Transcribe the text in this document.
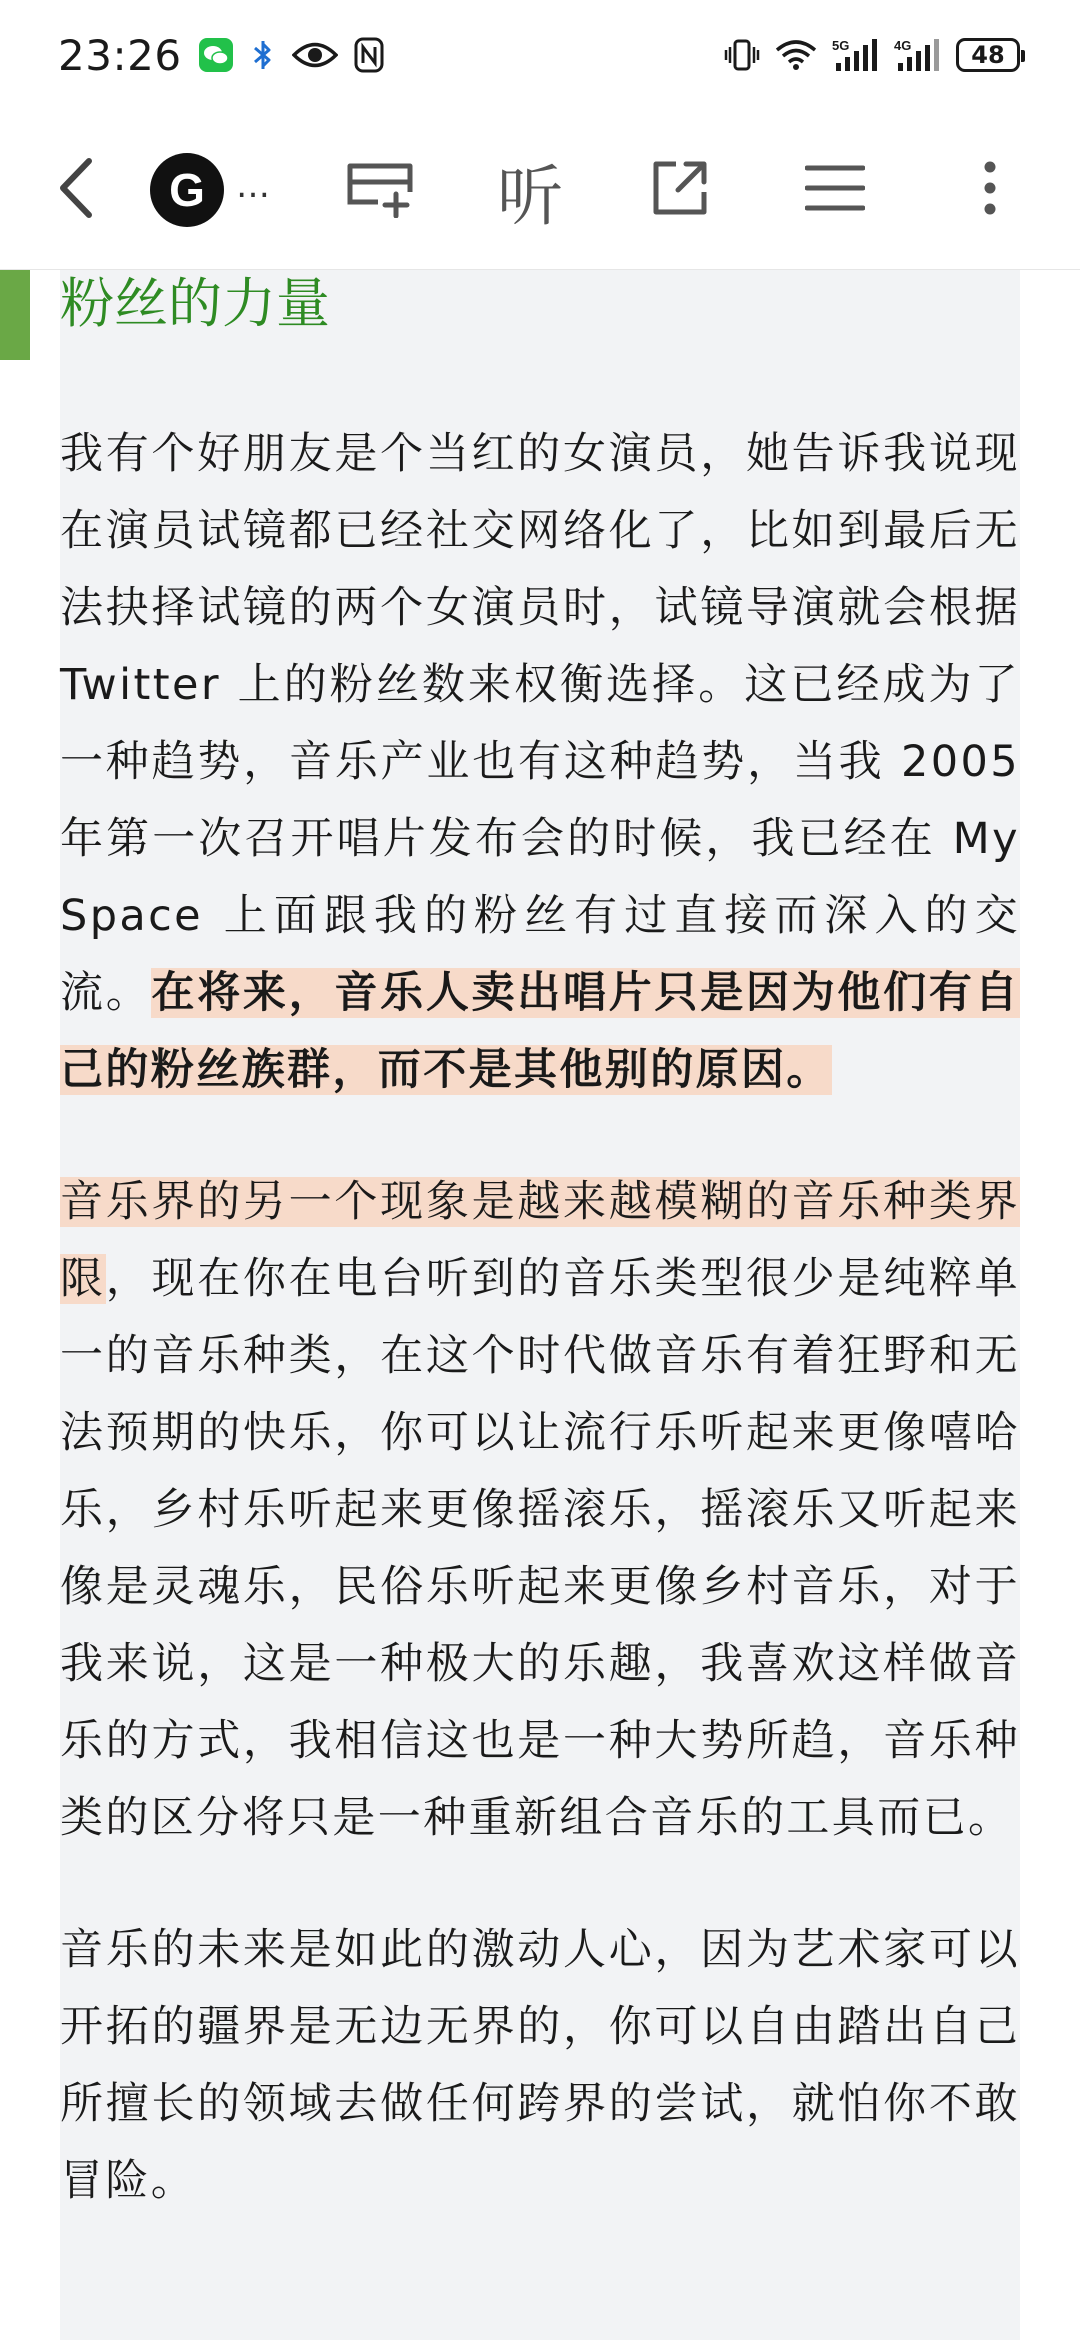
23:26	5G	4G 48
G …	听
粉丝的力量

我有个好朋友是个当红的女演员，她告诉我说现在演员试镜都已经社交网络化了，比如到最后无法抉择试镜的两个女演员时，试镜导演就会根据 Twitter 上的粉丝数来权衡选择。这已经成为了一种趋势，音乐产业也有这种趋势，当我 2005 年第一次召开唱片发布会的时候，我已经在 MySpace 上面跟我的粉丝有过直接而深入的交流。在将来，音乐人卖出唱片只是因为他们有自己的粉丝族群，而不是其他别的原因。

音乐界的另一个现象是越来越模糊的音乐种类界限，现在你在电台听到的音乐类型很少是纯粹单一的音乐种类，在这个时代做音乐有着狂野和无法预期的快乐，你可以让流行乐听起来更像嘻哈乐，乡村乐听起来更像摇滚乐，摇滚乐又听起来像是灵魂乐，民俗乐听起来更像乡村音乐，对于我来说，这是一种极大的乐趣，我喜欢这样做音乐的方式，我相信这也是一种大势所趋，音乐种类的区分将只是一种重新组合音乐的工具而已。

音乐的未来是如此的激动人心，因为艺术家可以开拓的疆界是无边无界的，你可以自由踏出自己所擅长的领域去做任何跨界的尝试，就怕你不敢冒险。
